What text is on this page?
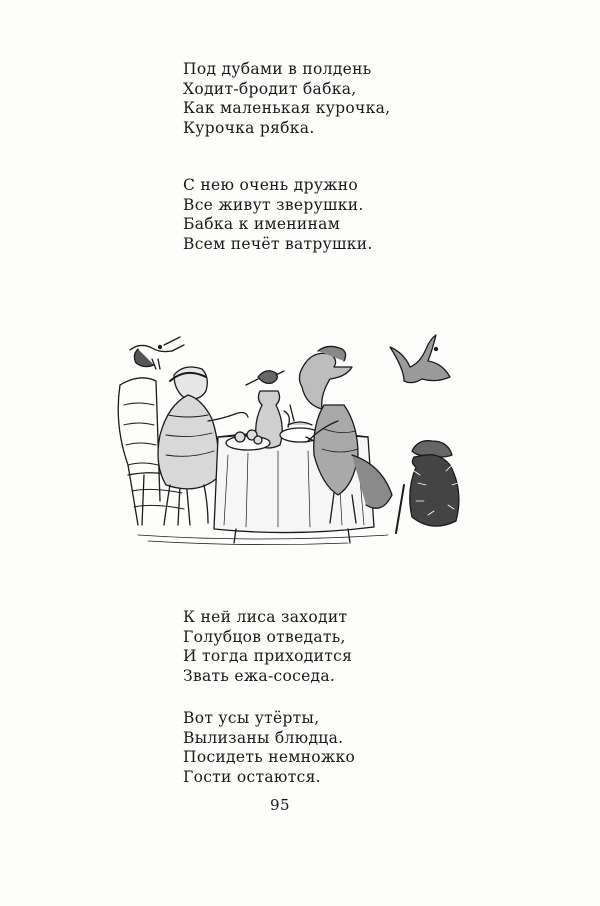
Под дубами в полдень
Ходит-бродит бабка,
Как маленькая курочка,
Курочка рябка.
С нею очень дружно
Все живут зверушки.
Бабка к именинам
Всем печёт ватрушки.
К ней лиса заходит
Голубцов отведать,
И тогда приходится
Звать ежа-соседа.
Вот усы утёрты,
Вылизаны блюдца.
Посидеть немножко
Гости остаются.
95
